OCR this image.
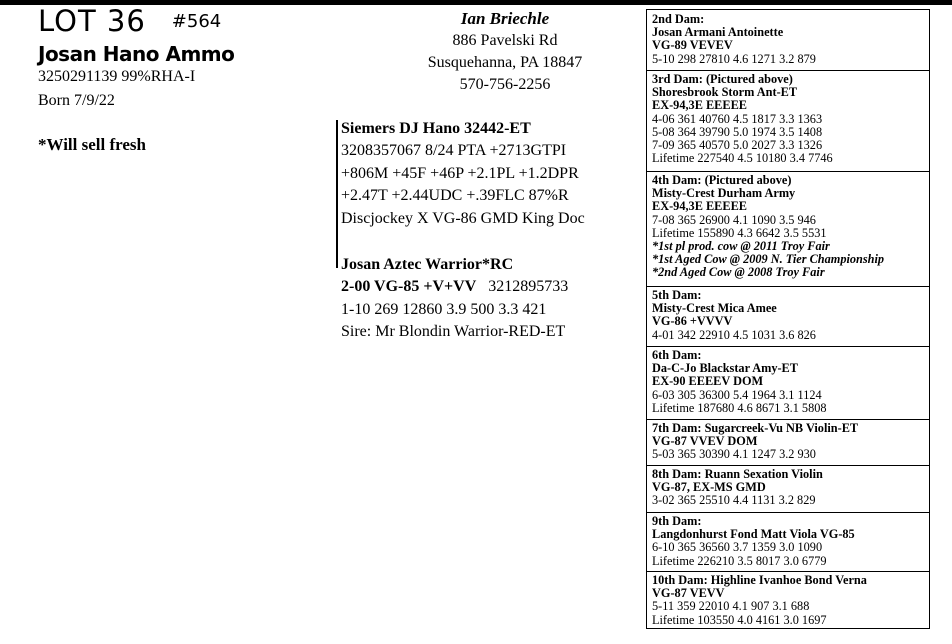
LOT 36 #564
Josan Hano Ammo
3250291139 99%RHA-I
Born 7/9/22
*Will sell fresh
Ian Briechle
886 Pavelski Rd
Susquehanna, PA 18847
570-756-2256
Siemers DJ Hano 32442-ET
3208357067 8/24 PTA +2713GTPI
+806M +45F +46P +2.1PL +1.2DPR
+2.47T +2.44UDC +.39FLC 87%R
Discjockey X VG-86 GMD King Doc
Josan Aztec Warrior*RC
2-00 VG-85 +V+VV 3212895733
1-10 269 12860 3.9 500 3.3 421
Sire: Mr Blondin Warrior-RED-ET
2nd Dam:
Josan Armani Antoinette
VG-89 VEVEV
5-10 298 27810 4.6 1271 3.2 879
3rd Dam: (Pictured above)
Shoresbrook Storm Ant-ET
EX-94,3E EEEEE
4-06 361 40760 4.5 1817 3.3 1363
5-08 364 39790 5.0 1974 3.5 1408
7-09 365 40570 5.0 2027 3.3 1326
Lifetime 227540 4.5 10180 3.4 7746
4th Dam: (Pictured above)
Misty-Crest Durham Army
EX-94,3E EEEEE
7-08 365 26900 4.1 1090 3.5 946
Lifetime 155890 4.3 6642 3.5 5531
*1st pl prod. cow @ 2011 Troy Fair
*1st Aged Cow @ 2009 N. Tier Championship
*2nd Aged Cow @ 2008 Troy Fair
5th Dam:
Misty-Crest Mica Amee
VG-86 +VVVV
4-01 342 22910 4.5 1031 3.6 826
6th Dam:
Da-C-Jo Blackstar Amy-ET
EX-90 EEEEV DOM
6-03 305 36300 5.4 1964 3.1 1124
Lifetime 187680 4.6 8671 3.1 5808
7th Dam: Sugarcreek-Vu NB Violin-ET
VG-87 VVEV DOM
5-03 365 30390 4.1 1247 3.2 930
8th Dam: Ruann Sexation Violin
VG-87, EX-MS GMD
3-02 365 25510 4.4 1131 3.2 829
9th Dam:
Langdonhurst Fond Matt Viola VG-85
6-10 365 36560 3.7 1359 3.0 1090
Lifetime 226210 3.5 8017 3.0 6779
10th Dam: Highline Ivanhoe Bond Verna
VG-87 VEVV
5-11 359 22010 4.1 907 3.1 688
Lifetime 103550 4.0 4161 3.0 1697
